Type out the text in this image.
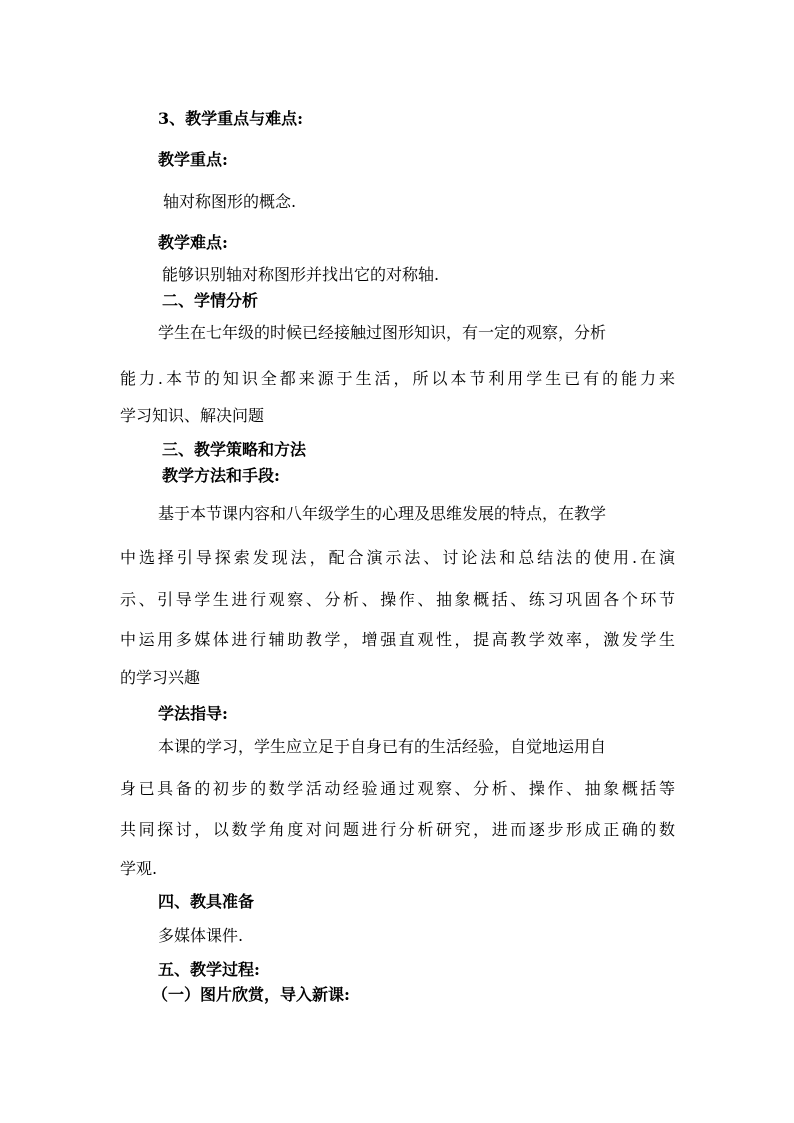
3、教学重点与难点:
教学重点:
轴对称图形的概念.
教学难点:
能够识别轴对称图形并找出它的对称轴.
二、学情分析
学生在七年级的时候已经接触过图形知识，有一定的观察，分析
能力.本节的知识全都来源于生活，所以本节利用学生已有的能力来
学习知识、解决问题
三、教学策略和方法
教学方法和手段:
基于本节课内容和八年级学生的心理及思维发展的特点，在教学
中选择引导探索发现法，配合演示法、讨论法和总结法的使用.在演
示、引导学生进行观察、分析、操作、抽象概括、练习巩固各个环节
中运用多媒体进行辅助教学，增强直观性，提高教学效率，激发学生
的学习兴趣
学法指导:
本课的学习，学生应立足于自身已有的生活经验，自觉地运用自
身已具备的初步的数学活动经验通过观察、分析、操作、抽象概括等
共同探讨，以数学角度对问题进行分析研究，进而逐步形成正确的数
学观.
四、教具准备
多媒体课件.
五、教学过程:
（一）图片欣赏，导入新课:
